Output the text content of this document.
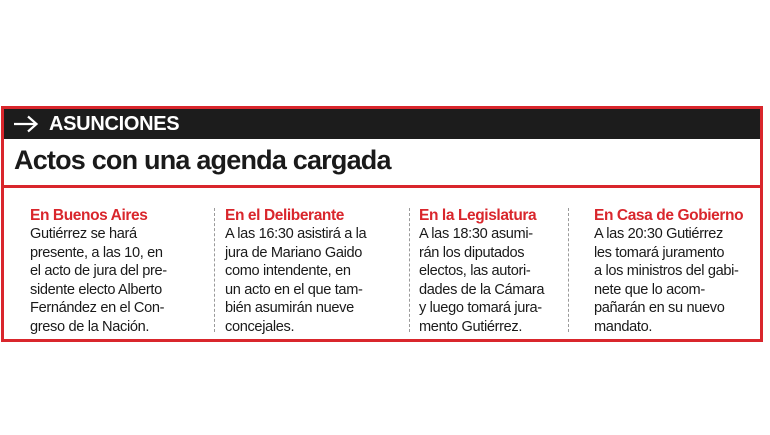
ASUNCIONES
Actos con una agenda cargada
En Buenos Aires
Gutiérrez se hará
presente, a las 10, en
el acto de jura del pre-
sidente electo Alberto
Fernández en el Con-
greso de la Nación.
En el Deliberante
A las 16:30 asistirá a la
jura de Mariano Gaido
como intendente, en
un acto en el que tam-
bién asumirán nueve
concejales.
En la Legislatura
A las 18:30 asumi-
rán los diputados
electos, las autori-
dades de la Cámara
y luego tomará jura-
mento Gutiérrez.
En Casa de Gobierno
A las 20:30 Gutiérrez
les tomará juramento
a los ministros del gabi-
nete que lo acom-
pañarán en su nuevo
mandato.
